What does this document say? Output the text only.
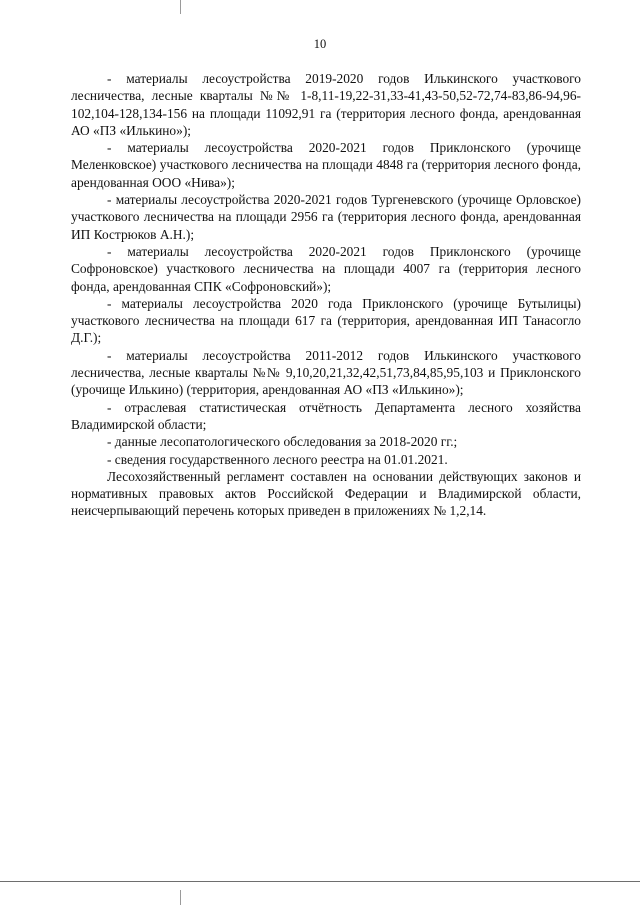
10

- материалы лесоустройства 2019-2020 годов Илькинского участкового лесничества, лесные кварталы №№ 1-8,11-19,22-31,33-41,43-50,52-72,74-83,86-94,96-102,104-128,134-156 на площади 11092,91 га (территория лесного фонда, арендованная АО «ПЗ «Илькино»);

- материалы лесоустройства 2020-2021 годов Приклонского (урочище Меленковское) участкового лесничества на площади 4848 га (территория лесного фонда, арендованная ООО «Нива»);

- материалы лесоустройства 2020-2021 годов Тургеневского (урочище Орловское) участкового лесничества на площади 2956 га (территория лесного фонда, арендованная ИП Кострюков А.Н.);

- материалы лесоустройства 2020-2021 годов Приклонского (урочище Софроновское) участкового лесничества на площади 4007 га (территория лесного фонда, арендованная СПК «Софроновский»);

- материалы лесоустройства 2020 года Приклонского (урочище Бутылицы) участкового лесничества на площади 617 га (территория, арендованная ИП Танасогло Д.Г.);

- материалы лесоустройства 2011-2012 годов Илькинского участкового лесничества, лесные кварталы №№ 9,10,20,21,32,42,51,73,84,85,95,103 и Приклонского (урочище Илькино) (территория, арендованная АО «ПЗ «Илькино»);

- отраслевая статистическая отчётность Департамента лесного хозяйства Владимирской области;

- данные лесопатологического обследования за 2018-2020 гг.;

- сведения государственного лесного реестра на 01.01.2021.

Лесохозяйственный регламент составлен на основании действующих законов и нормативных правовых актов Российской Федерации и Владимирской области, неисчерпывающий перечень которых приведен в приложениях № 1,2,14.
